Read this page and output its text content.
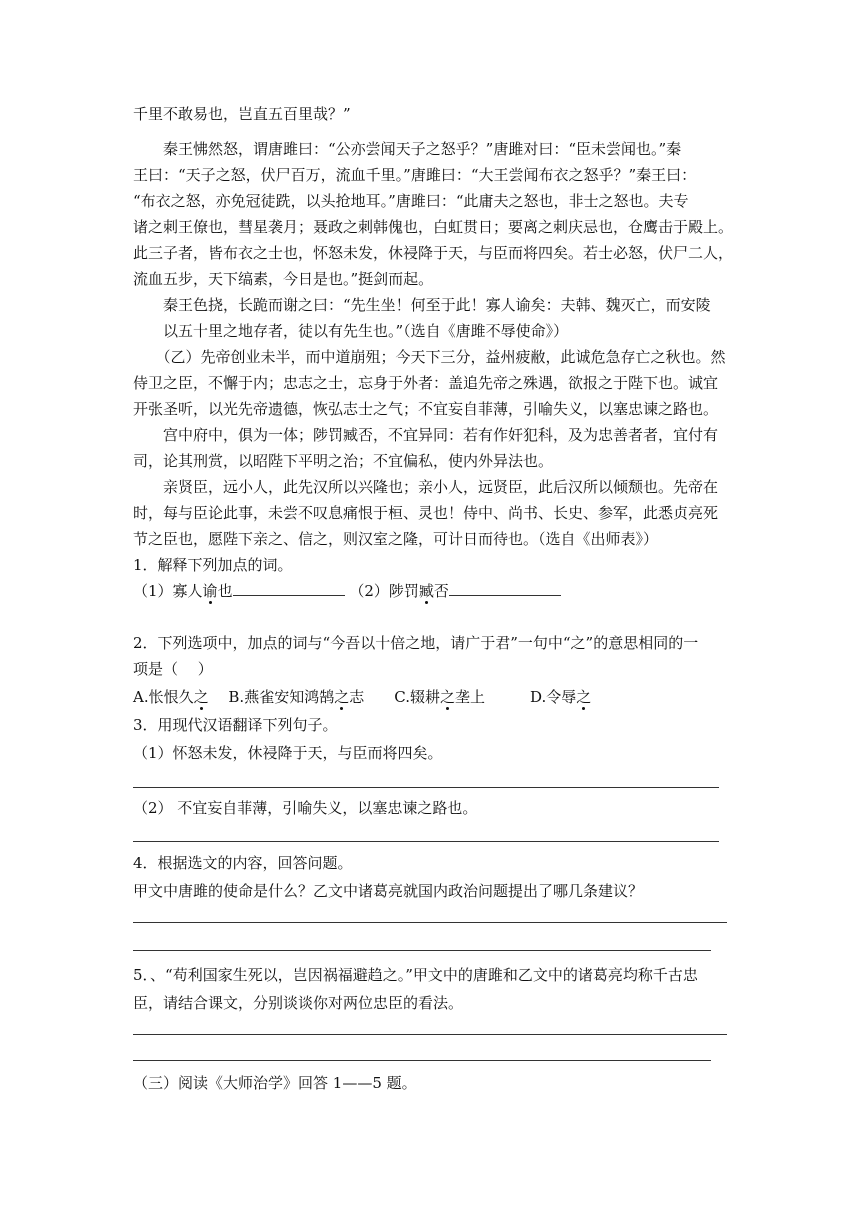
千里不敢易也，岂直五百里哉？”
　　秦王怫然怒，谓唐雎曰：“公亦尝闻天子之怒乎？”唐雎对曰：“臣未尝闻也。”秦
王曰：“天子之怒，伏尸百万，流血千里。”唐雎曰：“大王尝闻布衣之怒乎？”秦王曰：
“布衣之怒，亦免冠徒跣，以头抢地耳。”唐雎曰：“此庸夫之怒也，非士之怒也。夫专
诸之刺王僚也，彗星袭月；聂政之刺韩傀也，白虹贯日；要离之刺庆忌也，仓鹰击于殿上。
此三子者，皆布衣之士也，怀怒未发，休祲降于天，与臣而将四矣。若士必怒，伏尸二人，
流血五步，天下缟素，今日是也。”挺剑而起。
　　秦王色挠，长跪而谢之曰：“先生坐！何至于此！寡人谕矣：夫韩、魏灭亡，而安陵
　　以五十里之地存者，徒以有先生也。”（选自《唐雎不辱使命》）
　　（乙）先帝创业未半，而中道崩殂；今天下三分，益州疲敝，此诚危急存亡之秋也。然
侍卫之臣，不懈于内；忠志之士，忘身于外者：盖追先帝之殊遇，欲报之于陛下也。诚宜
开张圣听，以光先帝遗德，恢弘志士之气；不宜妄自菲薄，引喻失义，以塞忠谏之路也。
　　宫中府中，俱为一体；陟罚臧否，不宜异同：若有作奸犯科，及为忠善者者，宜付有
司，论其刑赏，以昭陛下平明之治；不宜偏私，使内外异法也。
　　亲贤臣，远小人，此先汉所以兴隆也；亲小人，远贤臣，此后汉所以倾颓也。先帝在
时，每与臣论此事，未尝不叹息痛恨于桓、灵也！侍中、尚书、长史、参军，此悉贞亮死
节之臣也，愿陛下亲之、信之，则汉室之隆，可计日而待也。（选自《出师表》）
1．解释下列加点的词。
（1）寡人谕也	（2）陟罚臧否
2．下列选项中，加点的词与“今吾以十倍之地，请广于君”一句中“之”的意思相同的一
项是（　 ）
A.怅恨久之　 B.燕雀安知鸿鹄之志　　 C.辍耕之垄上　　　	D.令辱之
3．用现代汉语翻译下列句子。
（1）怀怒未发，休祲降于天，与臣而将四矣。
（2） 不宜妄自菲薄，引喻失义，以塞忠谏之路也。
4．根据选文的内容，回答问题。
甲文中唐雎的使命是什么？乙文中诸葛亮就国内政治问题提出了哪几条建议？
5．、“苟利国家生死以，岂因祸福避趋之。”甲文中的唐雎和乙文中的诸葛亮均称千古忠
臣，请结合课文，分别谈谈你对两位忠臣的看法。
（三）阅读《大师治学》回答 1——5 题。
